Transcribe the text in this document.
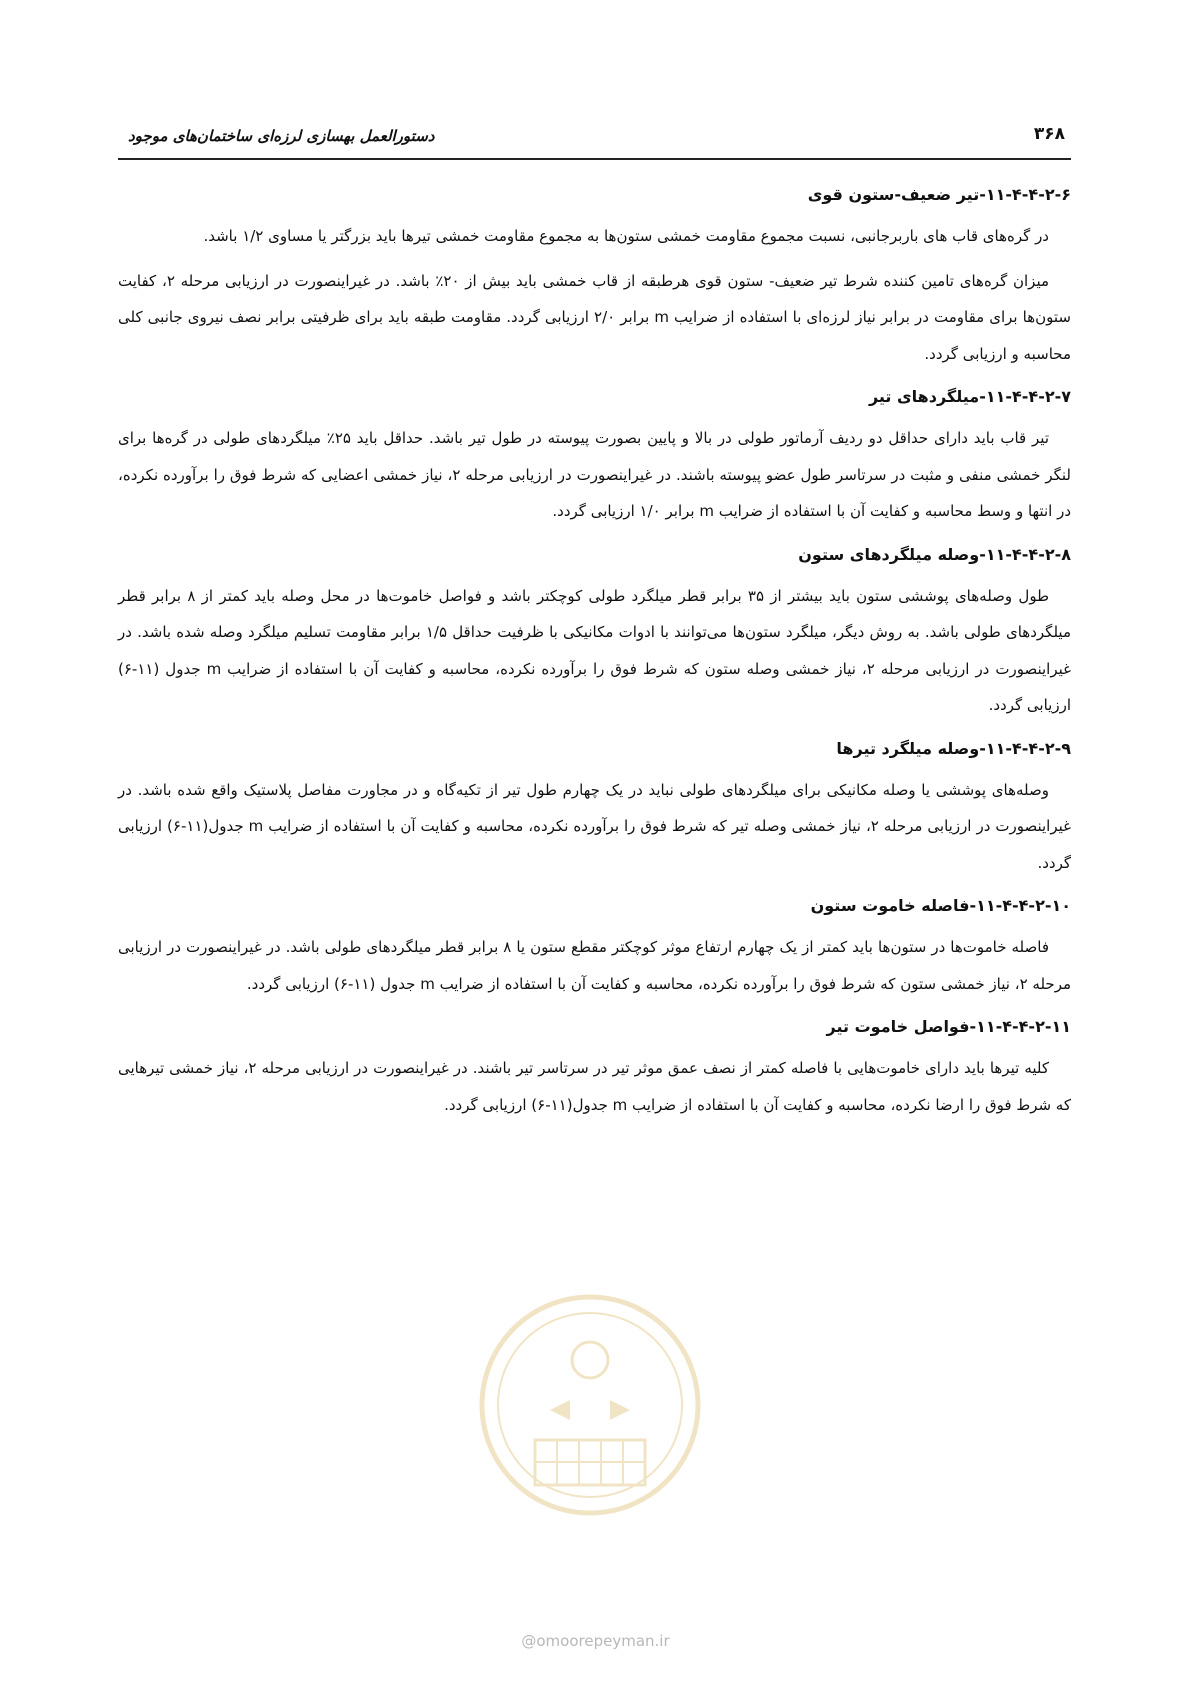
۳۶۸
دستورالعمل بهسازی لرزه‌ای ساختمان‌های موجود
۱۱-۴-۴-۲-۶-تیر ضعیف-ستون قوی

در گره‌های قاب های باربرجانبی، نسبت مجموع مقاومت خمشی ستون‌ها به مجموع مقاومت خمشی تیرها باید بزرگتر یا مساوی ۱/۲ باشد.

میزان گره‌های تامین کننده شرط تیر ضعیف- ستون قوی هرطبقه از قاب خمشی باید بیش از ۲۰٪ باشد. در غیراینصورت در ارزیابی مرحله ۲، کفایت ستون‌ها برای مقاومت در برابر نیاز لرزه‌ای با استفاده از ضرایب m برابر ۲/۰ ارزیابی گردد. مقاومت طبقه باید برای ظرفیتی برابر نصف نیروی جانبی کلی محاسبه و ارزیابی گردد.

۱۱-۴-۴-۲-۷-میلگردهای تیر

تیر قاب باید دارای حداقل دو ردیف آرماتور طولی در بالا و پایین بصورت پیوسته در طول تیر باشد. حداقل باید ۲۵٪ میلگردهای طولی در گره‌ها برای لنگر خمشی منفی و مثبت در سرتاسر طول عضو پیوسته باشند. در غیراینصورت در ارزیابی مرحله ۲، نیاز خمشی اعضایی که شرط فوق را برآورده نکرده، در انتها و وسط محاسبه و کفایت آن با استفاده از ضرایب m برابر ۱/۰ ارزیابی گردد.

۱۱-۴-۴-۲-۸-وصله میلگردهای ستون

طول وصله‌های پوششی ستون باید بیشتر از ۳۵ برابر قطر میلگرد طولی کوچکتر باشد و فواصل خاموت‌ها در محل وصله باید کمتر از ۸ برابر قطر میلگردهای طولی باشد. به روش دیگر، میلگرد ستون‌ها می‌توانند با ادوات مکانیکی با ظرفیت حداقل ۱/۵ برابر مقاومت تسلیم میلگرد وصله شده باشد. در غیراینصورت در ارزیابی مرحله ۲، نیاز خمشی وصله ستون که شرط فوق را برآورده نکرده، محاسبه و کفایت آن با استفاده از ضرایب m جدول (۱۱-۶) ارزیابی گردد.

۱۱-۴-۴-۲-۹-وصله میلگرد تیرها

وصله‌های پوششی یا وصله مکانیکی برای میلگردهای طولی نباید در یک چهارم طول تیر از تکیه‌گاه و در مجاورت مفاصل پلاستیک واقع شده باشد. در غیراینصورت در ارزیابی مرحله ۲، نیاز خمشی وصله تیر که شرط فوق را برآورده نکرده، محاسبه و کفایت آن با استفاده از ضرایب m جدول(۱۱-۶) ارزیابی گردد.

۱۱-۴-۴-۲-۱۰-فاصله خاموت ستون

فاصله خاموت‌ها در ستون‌ها باید کمتر از یک چهارم ارتفاع موثر کوچکتر مقطع ستون یا ۸ برابر قطر میلگردهای طولی باشد. در غیراینصورت در ارزیابی مرحله ۲، نیاز خمشی ستون که شرط فوق را برآورده نکرده، محاسبه و کفایت آن با استفاده از ضرایب m جدول (۱۱-۶) ارزیابی گردد.

۱۱-۴-۴-۲-۱۱-فواصل خاموت تیر

کلیه تیرها باید دارای خاموت‌هایی با فاصله کمتر از نصف عمق موثر تیر در سرتاسر تیر باشند. در غیراینصورت در ارزیابی مرحله ۲، نیاز خمشی تیرهایی که شرط فوق را ارضا نکرده، محاسبه و کفایت آن با استفاده از ضرایب m جدول(۱۱-۶) ارزیابی گردد.

@omoorepeyman.ir
